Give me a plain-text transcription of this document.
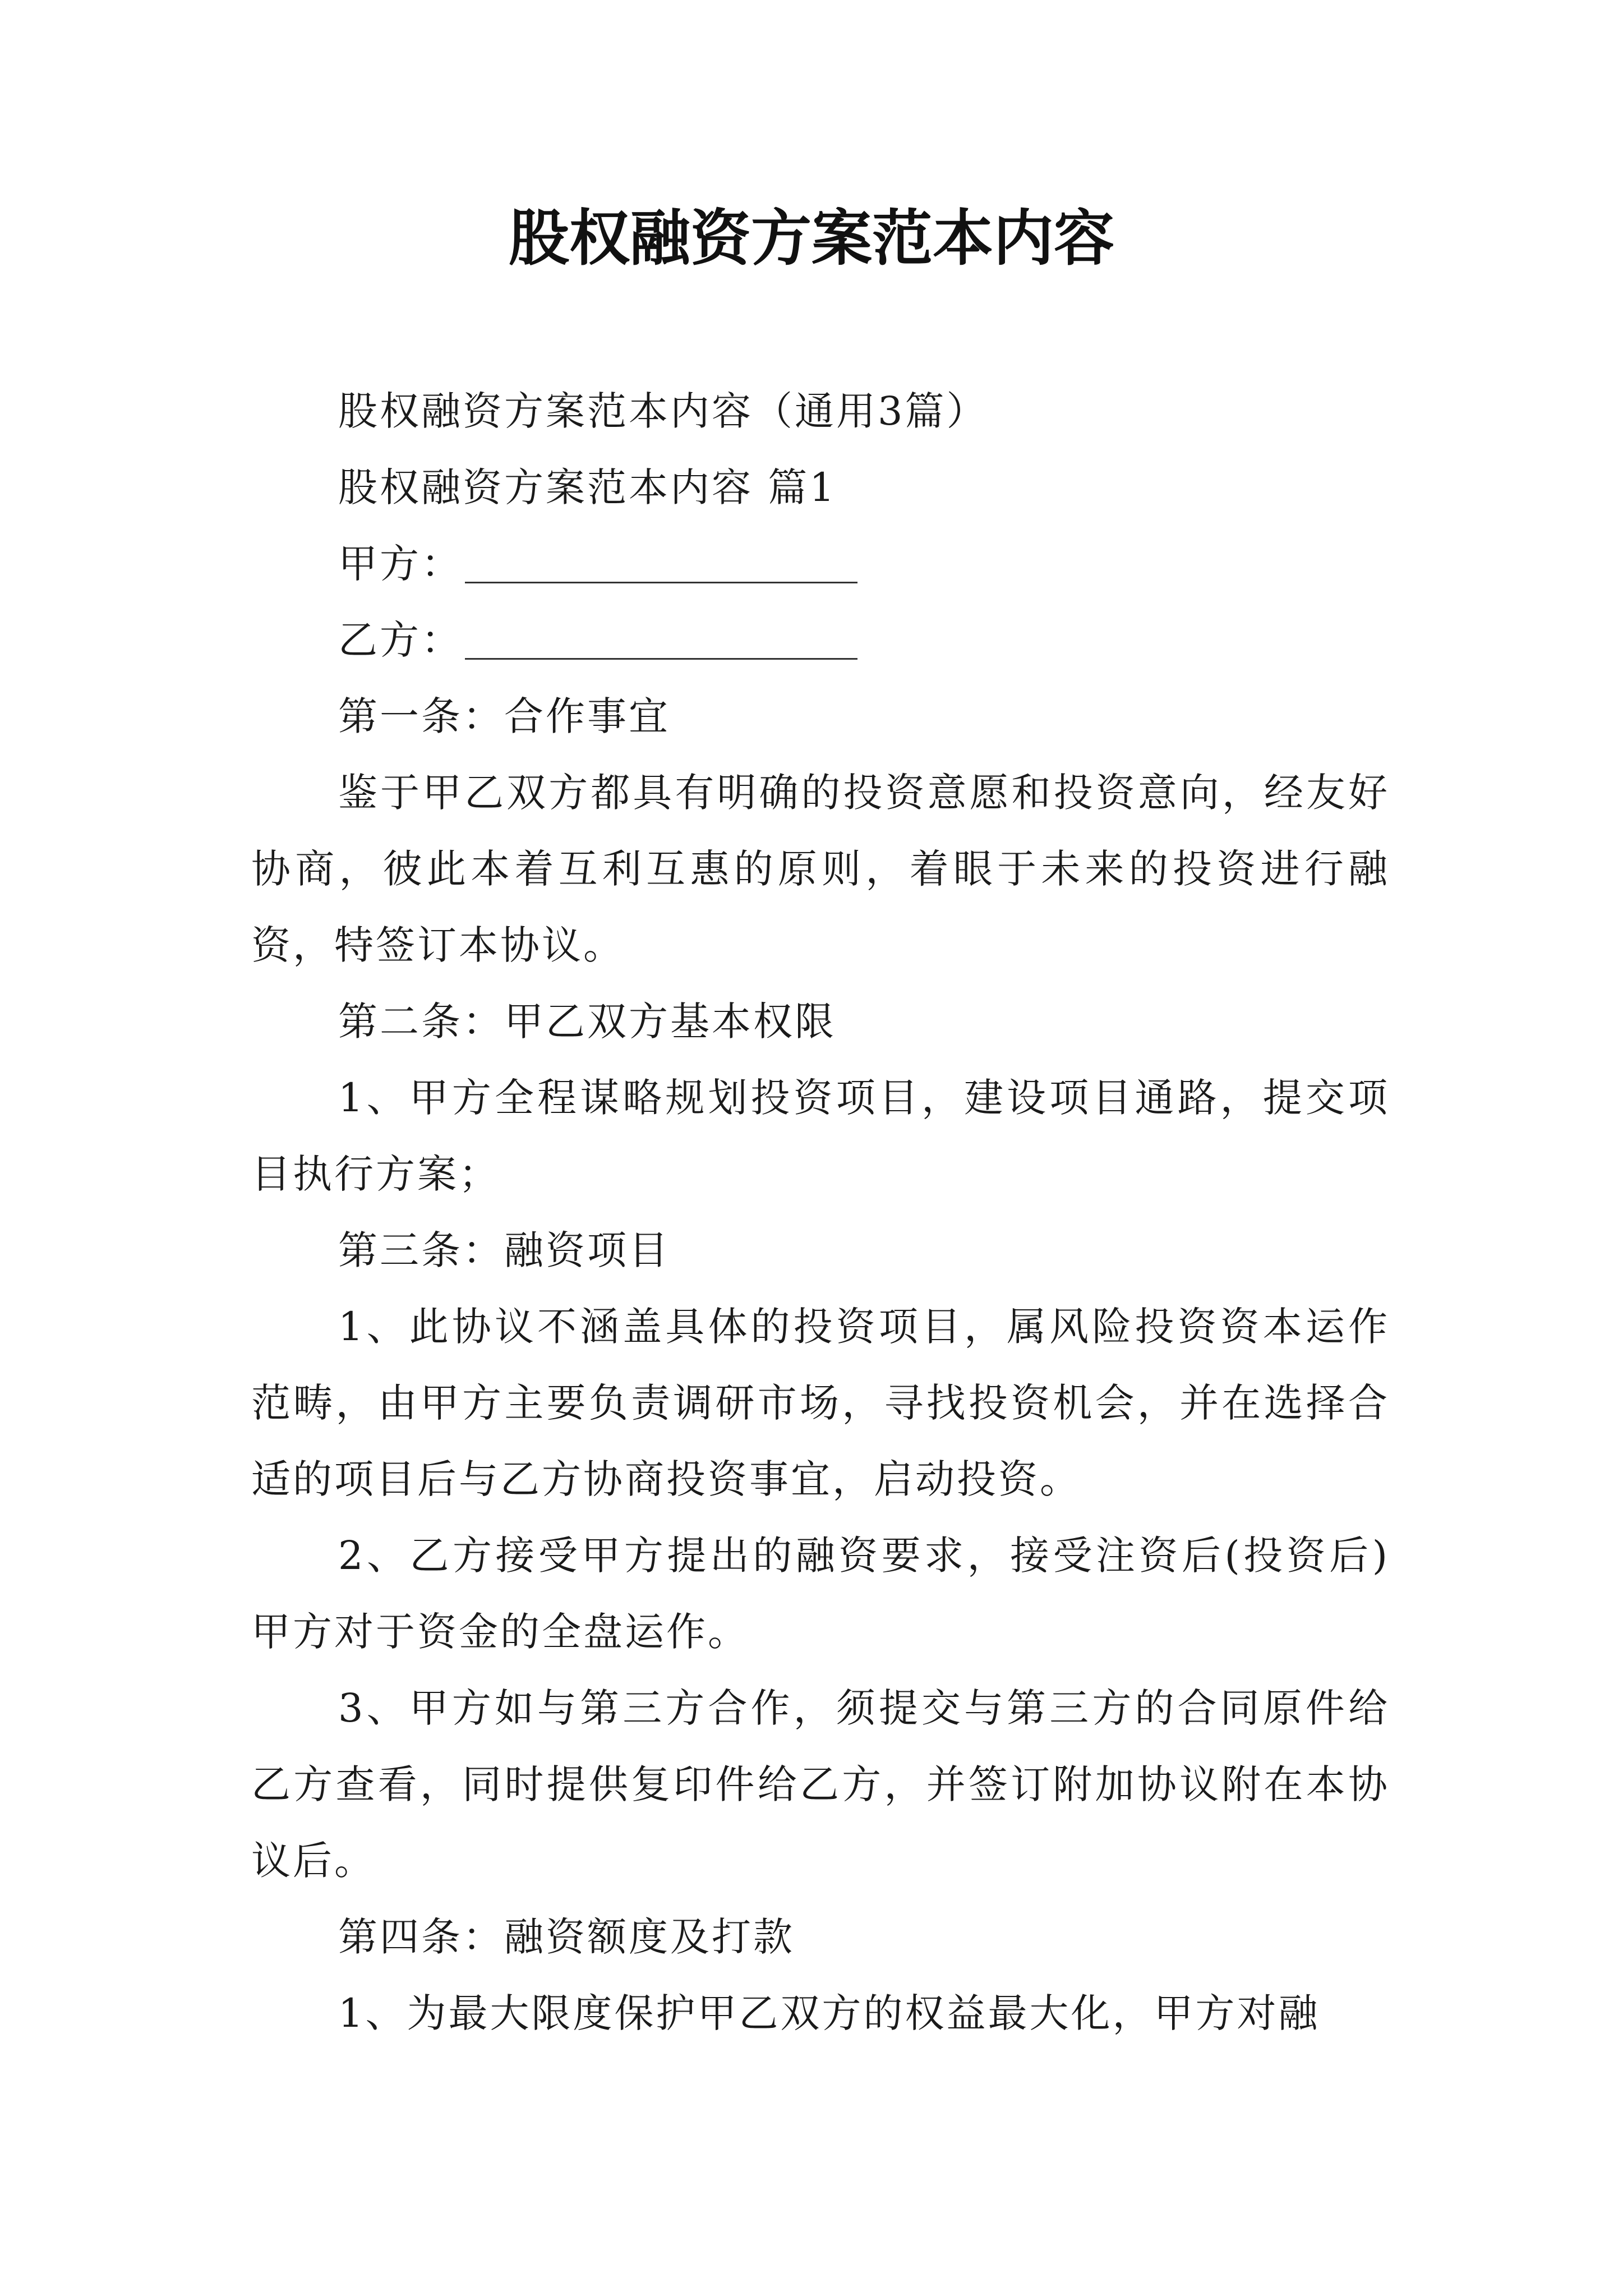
股权融资方案范本内容

股权融资方案范本内容（通用3篇）

股权融资方案范本内容 篇1

甲方：

乙方：

第一条：合作事宜

鉴于甲乙双方都具有明确的投资意愿和投资意向，经友好协商，彼此本着互利互惠的原则，着眼于未来的投资进行融资，特签订本协议。

第二条：甲乙双方基本权限

1、甲方全程谋略规划投资项目，建设项目通路，提交项目执行方案；

第三条：融资项目

1、此协议不涵盖具体的投资项目，属风险投资资本运作范畴，由甲方主要负责调研市场，寻找投资机会，并在选择合适的项目后与乙方协商投资事宜，启动投资。

2、乙方接受甲方提出的融资要求，接受注资后(投资后)甲方对于资金的全盘运作。

3、甲方如与第三方合作，须提交与第三方的合同原件给乙方查看，同时提供复印件给乙方，并签订附加协议附在本协议后。

第四条：融资额度及打款

1、为最大限度保护甲乙双方的权益最大化，甲方对融
